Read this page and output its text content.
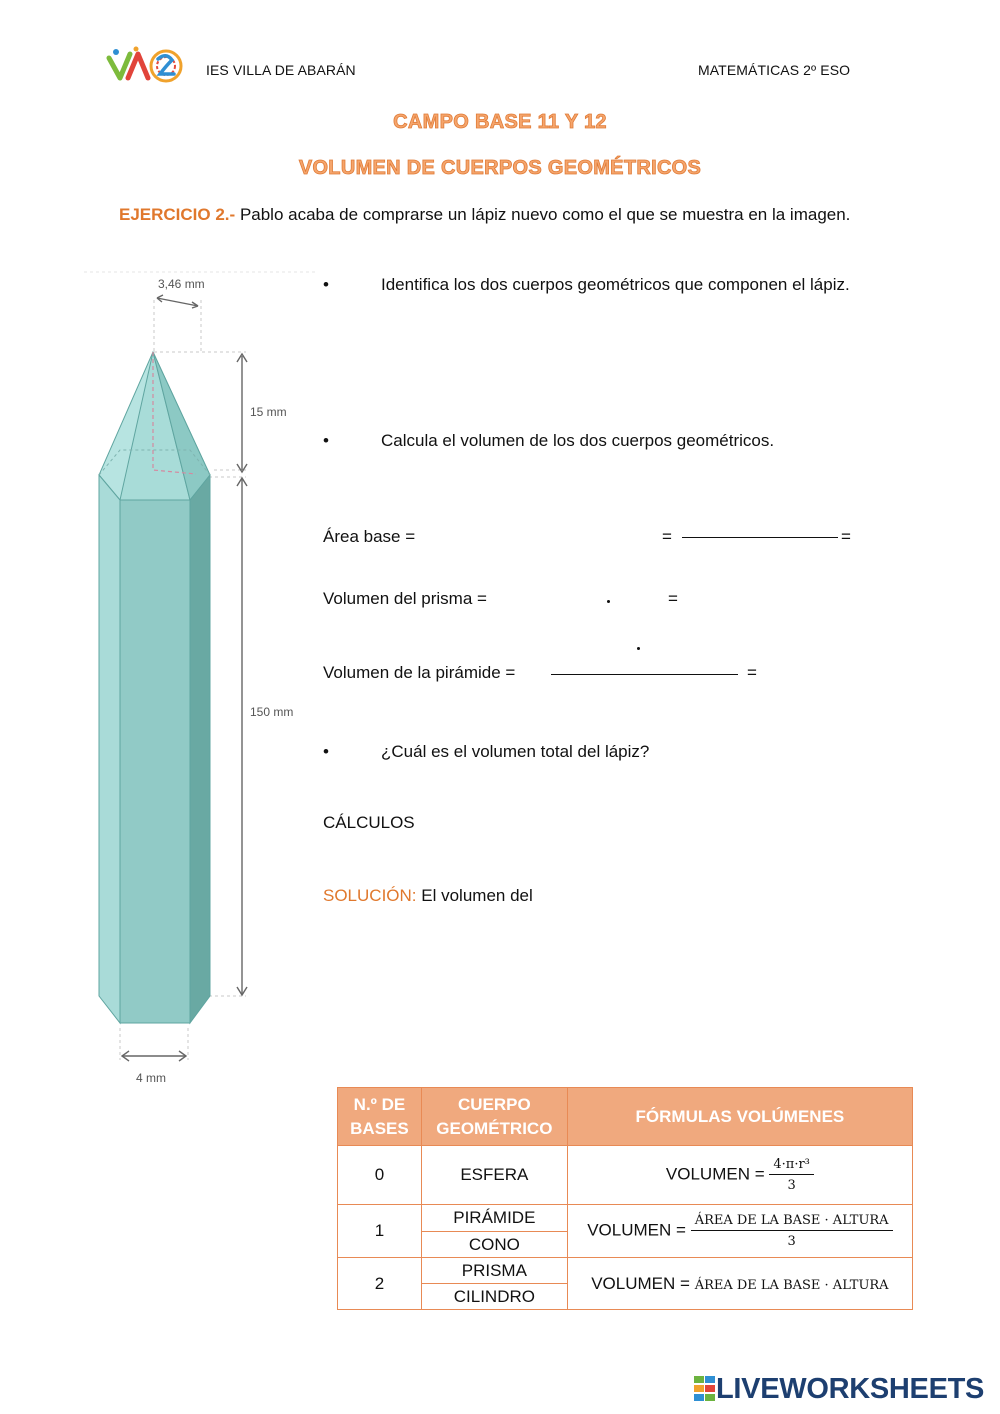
IES VILLA DE ABARÁN	MATEMÁTICAS 2º ESO
CAMPO BASE 11 Y 12
VOLUMEN DE CUERPOS GEOMÉTRICOS
EJERCICIO 2.- Pablo acaba de comprarse un lápiz nuevo como el que se muestra en la imagen.
3,46 mm
15 mm
150 mm
4 mm
•	Identifica los dos cuerpos geométricos que componen el lápiz.
•	Calcula el volumen de los dos cuerpos geométricos.
Área base =	=	=
Volumen del prisma =	=
Volumen de la pirámide =	=
•	¿Cuál es el volumen total del lápiz?
CÁLCULOS
SOLUCIÓN: El volumen del
N.º DE BASES	CUERPO GEOMÉTRICO	FÓRMULAS VOLÚMENES
0	ESFERA	VOLUMEN = $\frac{\text{4·π·r³}}{3}$

1	PIRÁMIDE	VOLUMEN = $\frac{\text{ÁREA DE LA BASE · ALTURA}}{3}$

	CONO	
2	PRISMA	VOLUMEN = ÁREA DE LA BASE · ALTURA
	CILINDRO	
LIVEWORKSHEETS
